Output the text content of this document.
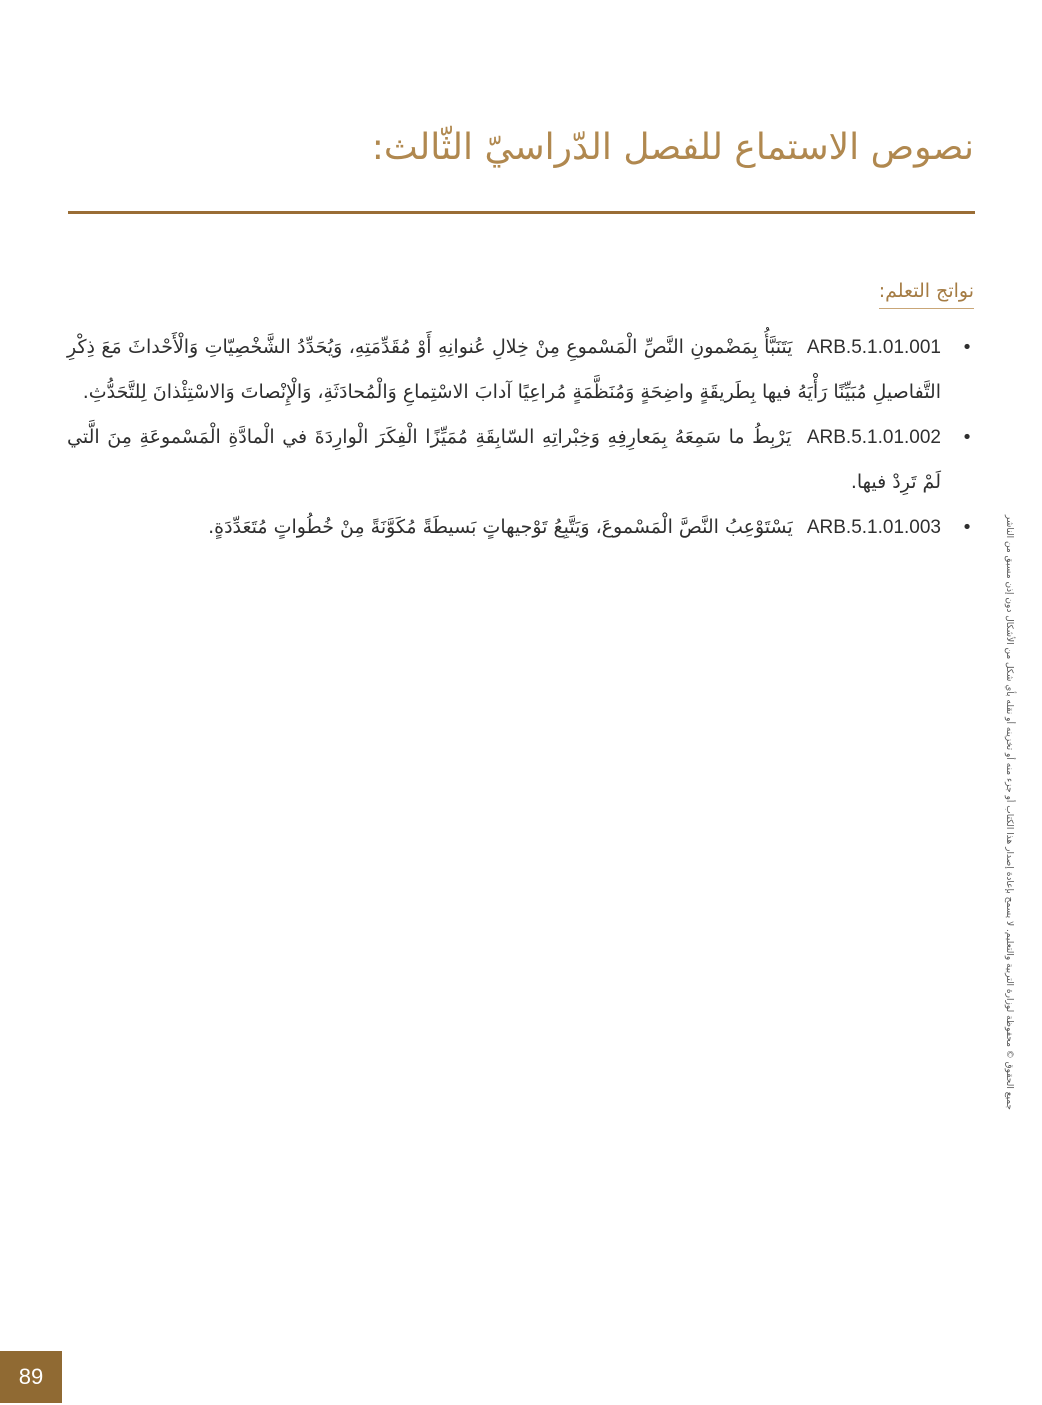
نصوص الاستماع للفصل الدّراسيّ الثّالث:
نواتج التعلم:
•
ARB.5.1.01.001 يَتَنَبَّأُ بِمَضْمونِ النَّصِّ الْمَسْموعِ مِنْ خِلالِ عُنوانِهِ أَوْ مُقَدِّمَتِهِ، وَيُحَدِّدُ الشَّخْصِيّاتِ وَالْأَحْداثَ مَعَ ذِكْرِ التَّفاصيلِ مُبَيِّنًا رَأْيَهُ فيها بِطَريقَةٍ واضِحَةٍ وَمُنَظَّمَةٍ مُراعِيًا آدابَ الاسْتِماعِ وَالْمُحادَثَةِ، وَالْإِنْصاتَ وَالاسْتِئْذانَ لِلتَّحَدُّثِ.
•
ARB.5.1.01.002 يَرْبِطُ ما سَمِعَهُ بِمَعارِفِهِ وَخِبْراتِهِ السّابِقَةِ مُمَيِّزًا الْفِكَرَ الْوارِدَةَ في الْمادَّةِ الْمَسْموعَةِ مِنَ الَّتي لَمْ تَرِدْ فيها.
•
ARB.5.1.01.003 يَسْتَوْعِبُ النَّصَّ الْمَسْموعَ، وَيَتَّبِعُ تَوْجيهاتٍ بَسيطَةً مُكَوَّنَةً مِنْ خُطُواتٍ مُتَعَدِّدَةٍ.	جميع الحقوق © محفوظة لوزارة التربية والتعليم. لا يسمح بإعادة إصدار هذا الكتاب أو جزء منه أو تخزينه أو نقله بأي شكل من الأشكال دون إذن مسبق من الناشر
89
